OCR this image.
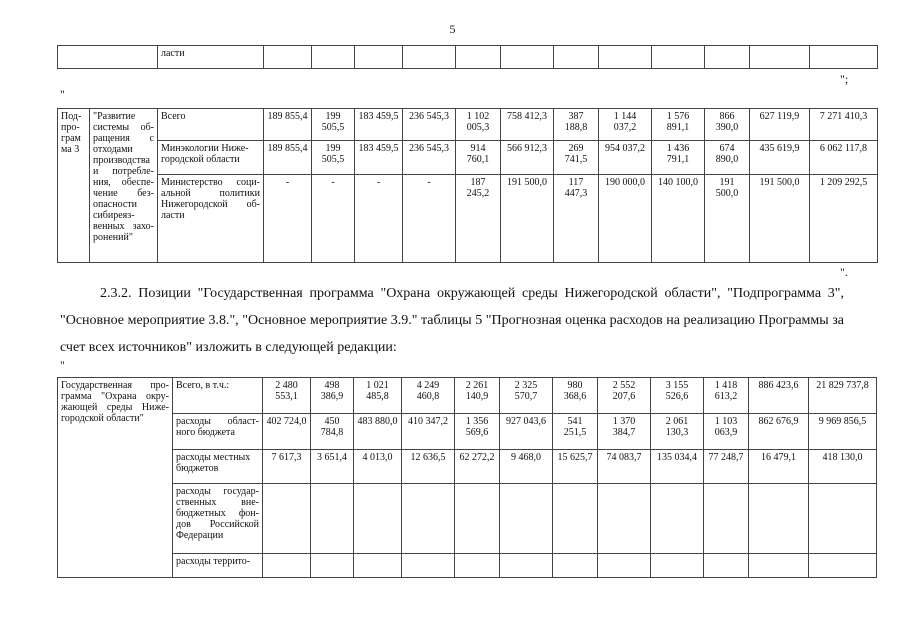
5
	ласти												
";
"
Под-про-грам ма 3	"Развитие системы об-ращения с отходами производства и потребле-ния, обеспе-чение без-опасности сибиреяз-венных захо-ронений"	Всего	189 855,4	199 505,5	183 459,5	236 545,3	1 102 005,3	758 412,3	387 188,8	1 144 037,2	1 576 891,1	866 390,0	627 119,9	7 271 410,3
		Минэкологии Ниже-городской области	189 855,4	199 505,5	183 459,5	236 545,3	914 760,1	566 912,3	269 741,5	954 037,2	1 436 791,1	674 890,0	435 619,9	6 062 117,8
		Министерство соци-альной политики Нижегородской об-ласти	-	-	-	-	187 245,2	191 500,0	117 447,3	190 000,0	140 100,0	191 500,0	191 500,0	1 209 292,5
".
2.3.2. Позиции "Государственная программа "Охрана окружающей среды Нижегородской области", "Подпрограмма 3", "Основное мероприятие 3.8.", "Основное мероприятие 3.9." таблицы 5 "Прогнозная оценка расходов на реализацию Программы за счет всех источников" изложить в следующей редакции:
"
Государственная про-грамма "Охрана окру-жающей среды Ниже-городской области"	Всего, в т.ч.:	2 480 553,1	498 386,9	1 021 485,8	4 249 460,8	2 261 140,9	2 325 570,7	980 368,6	2 552 207,6	3 155 526,6	1 418 613,2	886 423,6	21 829 737,8
	расходы област-ного бюджета	402 724,0	450 784,8	483 880,0	410 347,2	1 356 569,6	927 043,6	541 251,5	1 370 384,7	2 061 130,3	1 103 063,9	862 676,9	9 969 856,5
	расходы местных бюджетов	7 617,3	3 651,4	4 013,0	12 636,5	62 272,2	9 468,0	15 625,7	74 083,7	135 034,4	77 248,7	16 479,1	418 130,0
	расходы государ-ственных вне-бюджетных фон-дов Российской Федерации												
	расходы террито-												
